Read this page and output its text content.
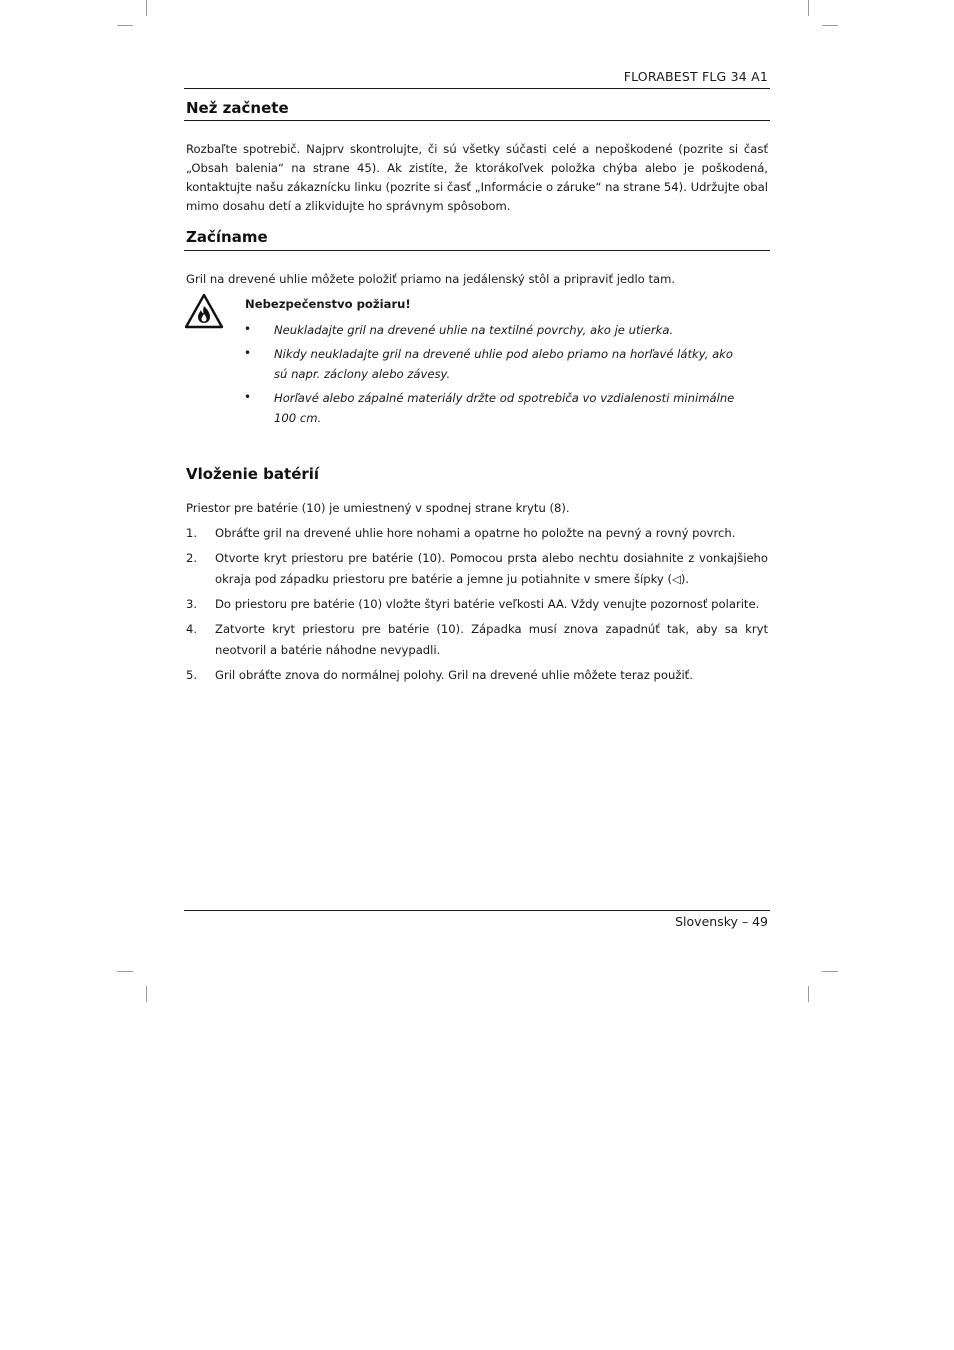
FLORABEST FLG 34 A1
Než začnete
Rozbaľte spotrebič. Najprv skontrolujte, či sú všetky súčasti celé a nepoškodené (pozrite si časť „Obsah balenia“ na strane 45). Ak zistíte, že ktorákoľvek položka chýba alebo je poškodená, kontaktujte našu zákaznícku linku (pozrite si časť „Informácie o záruke“ na strane 54). Udržujte obal mimo dosahu detí a zlikvidujte ho správnym spôsobom.
Začíname
Gril na drevené uhlie môžete položiť priamo na jedálenský stôl a pripraviť jedlo tam.
Nebezpečenstvo požiaru!
• Neukladajte gril na drevené uhlie na textilné povrchy, ako je utierka.
• Nikdy neukladajte gril na drevené uhlie pod alebo priamo na horľavé látky, ako sú napr. záclony alebo závesy.
• Horľavé alebo zápalné materiály držte od spotrebiča vo vzdialenosti minimálne 100 cm.
Vloženie batérií
Priestor pre batérie (10) je umiestnený v spodnej strane krytu (8).
1. Obráťte gril na drevené uhlie hore nohami a opatrne ho položte na pevný a rovný povrch.
2. Otvorte kryt priestoru pre batérie (10). Pomocou prsta alebo nechtu dosiahnite z vonkajšieho okraja pod západku priestoru pre batérie a jemne ju potiahnite v smere šípky (◁).
3. Do priestoru pre batérie (10) vložte štyri batérie veľkosti AA. Vždy venujte pozornosť polarite.
4. Zatvorte kryt priestoru pre batérie (10). Západka musí znova zapadnúť tak, aby sa kryt neotvoril a batérie náhodne nevypadli.
5. Gril obráťte znova do normálnej polohy. Gril na drevené uhlie môžete teraz použiť.
Slovensky – 49
